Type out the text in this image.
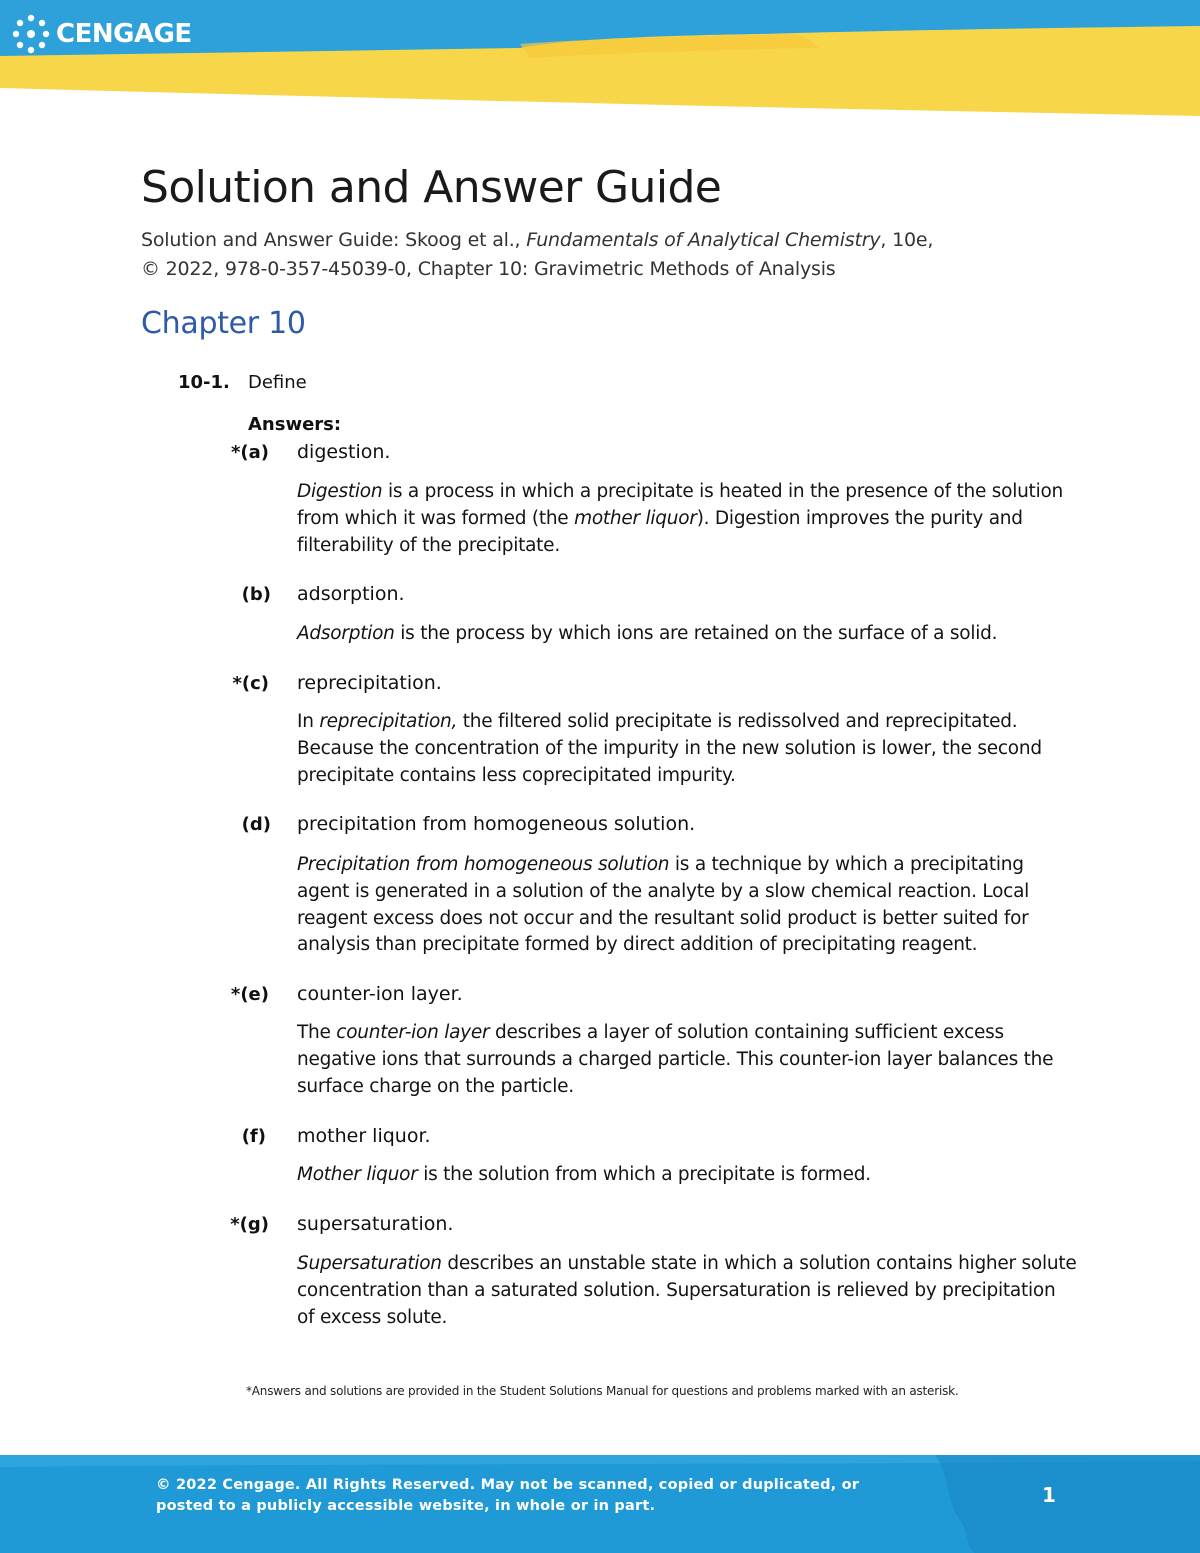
CENGAGE
Solution and Answer Guide
Solution and Answer Guide: Skoog et al., Fundamentals of Analytical Chemistry, 10e,
© 2022, 978-0-357-45039-0, Chapter 10: Gravimetric Methods of Analysis
Chapter 10
10-1. Define
Answers:
*(a) digestion.
Digestion is a process in which a precipitate is heated in the presence of the solution from which it was formed (the mother liquor). Digestion improves the purity and filterability of the precipitate.
(b) adsorption.
Adsorption is the process by which ions are retained on the surface of a solid.
*(c) reprecipitation.
In reprecipitation, the filtered solid precipitate is redissolved and reprecipitated. Because the concentration of the impurity in the new solution is lower, the second precipitate contains less coprecipitated impurity.
(d) precipitation from homogeneous solution.
Precipitation from homogeneous solution is a technique by which a precipitating agent is generated in a solution of the analyte by a slow chemical reaction. Local reagent excess does not occur and the resultant solid product is better suited for analysis than precipitate formed by direct addition of precipitating reagent.
*(e) counter-ion layer.
The counter-ion layer describes a layer of solution containing sufficient excess negative ions that surrounds a charged particle. This counter-ion layer balances the surface charge on the particle.
(f) mother liquor.
Mother liquor is the solution from which a precipitate is formed.
*(g) supersaturation.
Supersaturation describes an unstable state in which a solution contains higher solute concentration than a saturated solution. Supersaturation is relieved by precipitation of excess solute.
*Answers and solutions are provided in the Student Solutions Manual for questions and problems marked with an asterisk.
© 2022 Cengage. All Rights Reserved. May not be scanned, copied or duplicated, or posted to a publicly accessible website, in whole or in part.	1
